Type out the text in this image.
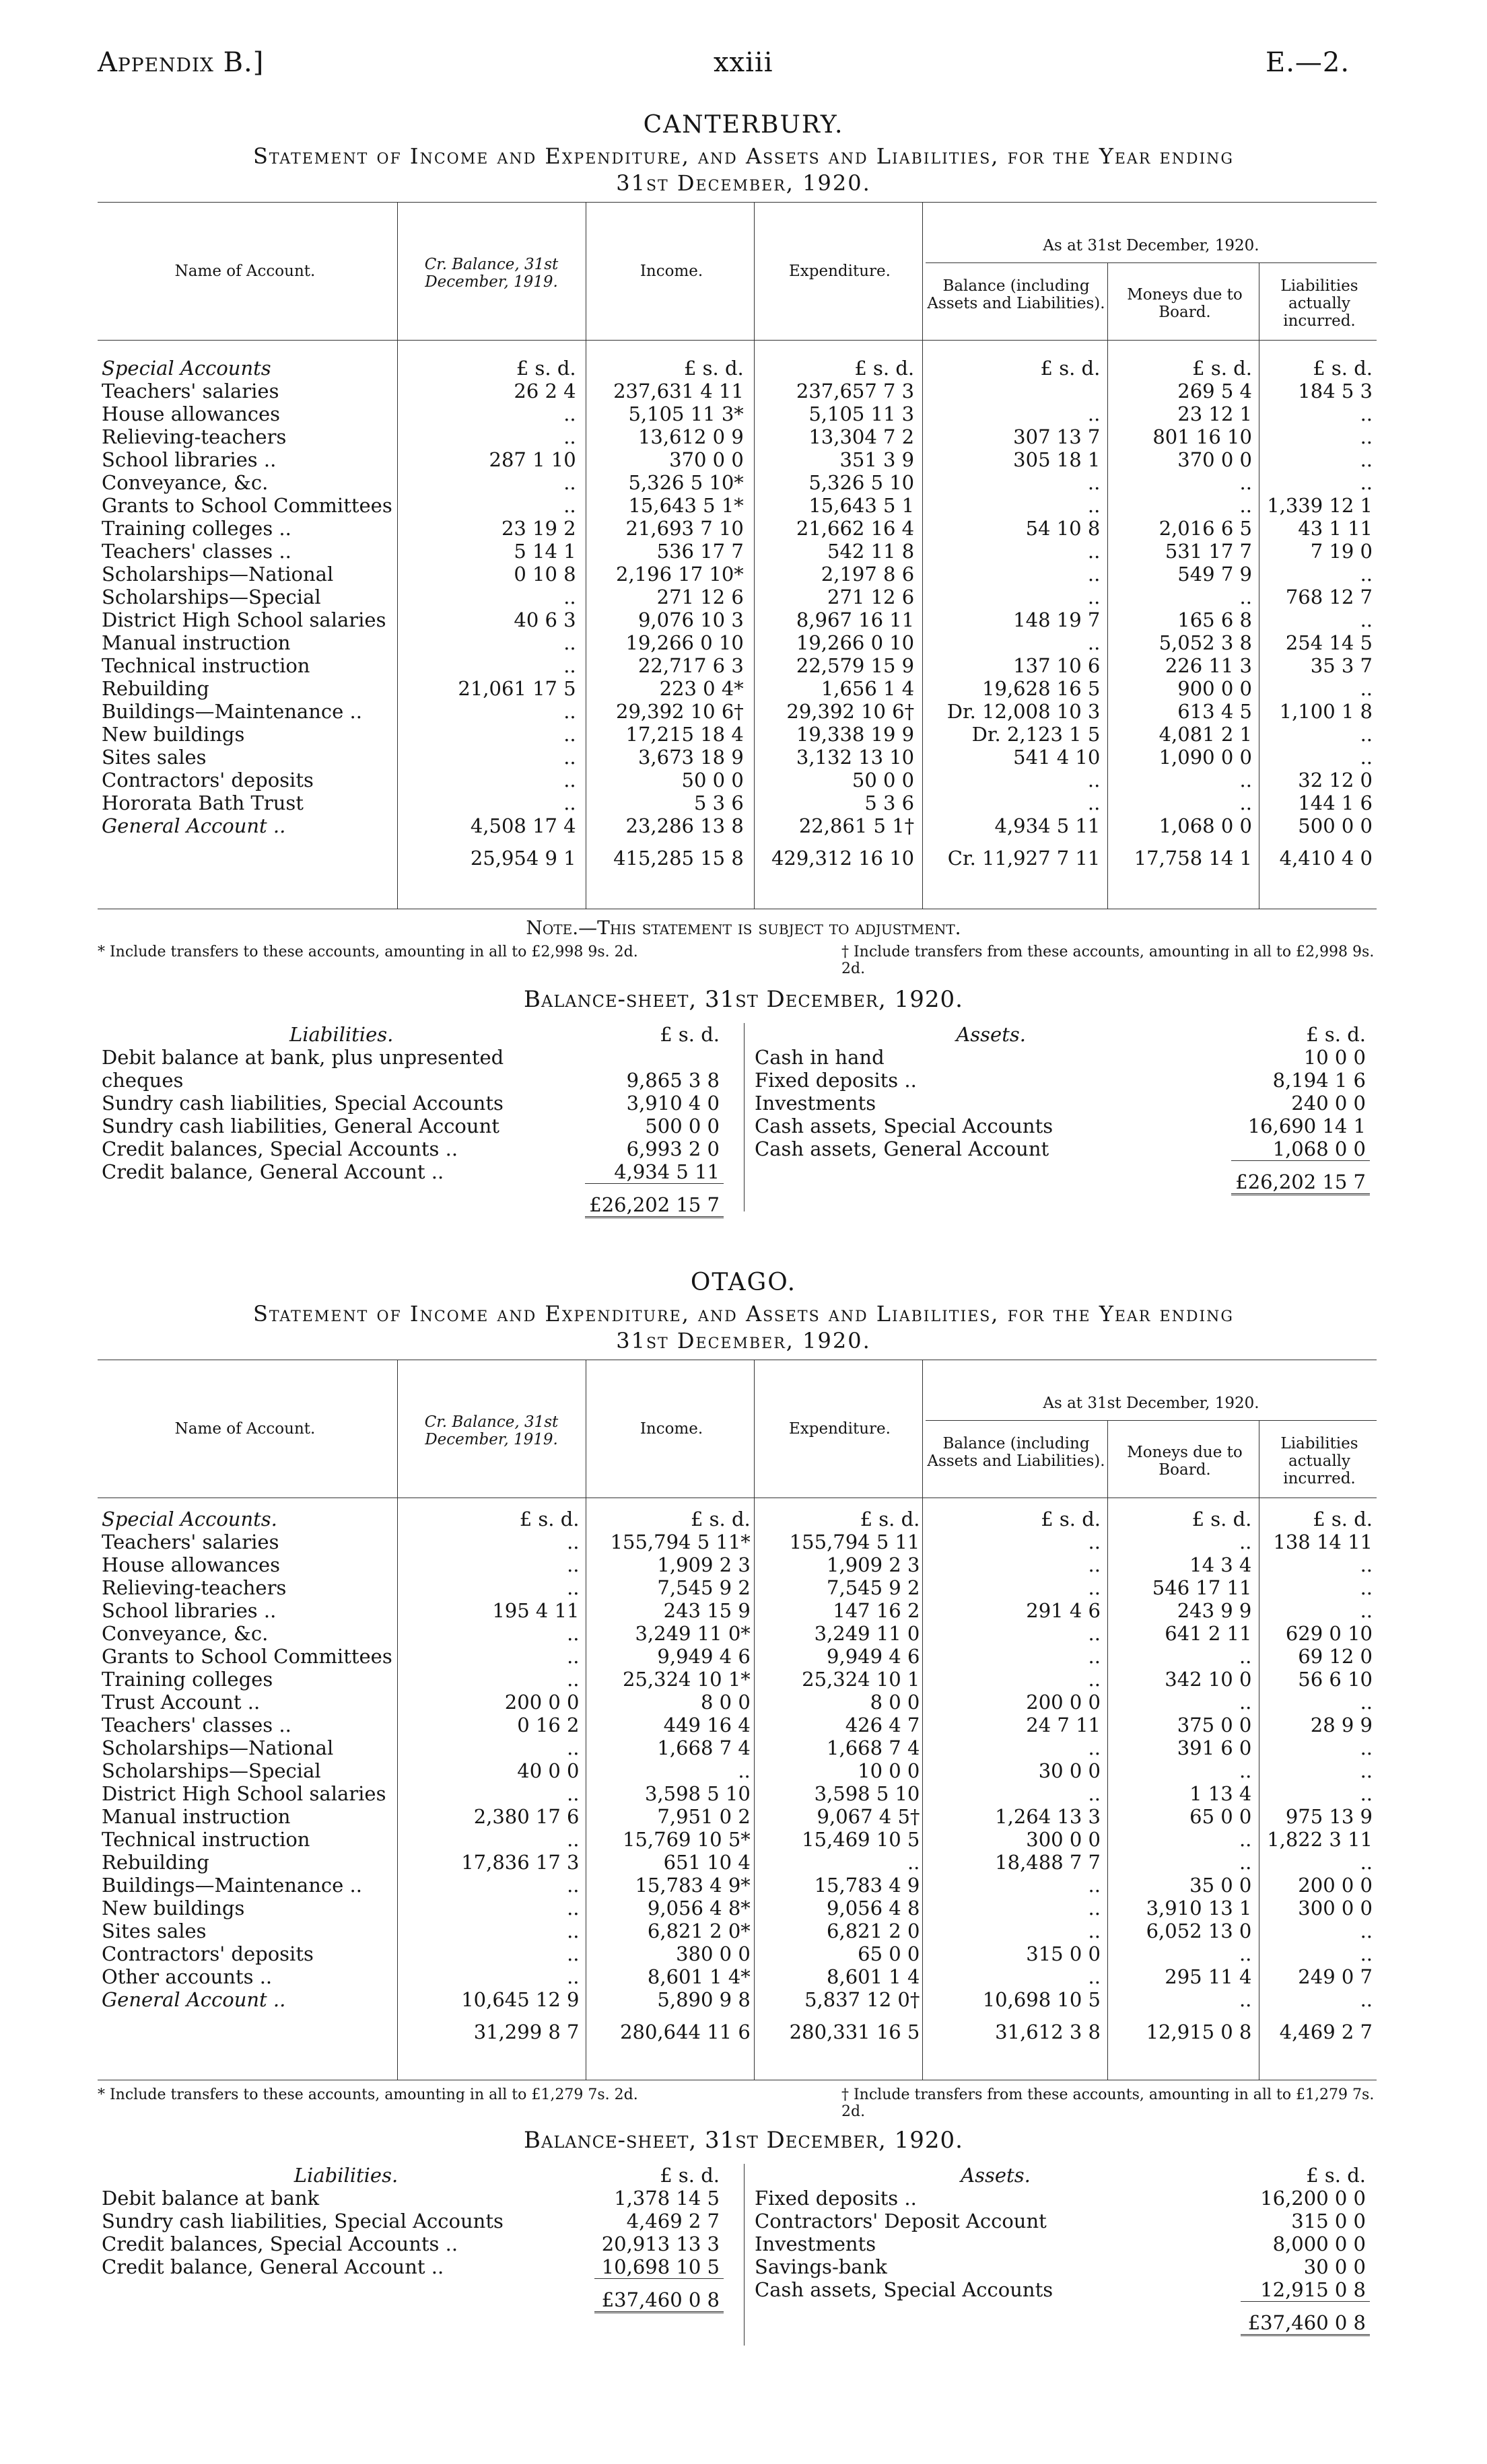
Appendix B.]	xxiii	E.—2.
CANTERBURY.
Statement of Income and Expenditure, and Assets and Liabilities, for the Year ending
31st December, 1920.
Name of Account.	Cr. Balance, 31st December, 1919.
Income.	Expenditure.
As at 31st December, 1920.
Balance (including Assets and Liabilities).	Moneys due to Board.
Liabilities actually incurred.
Special Accounts	£ s. d.	£ s. d.	£ s. d.	£ s. d.	£ s. d.	£ s. d.
Teachers' salaries	26 2 4	237,631 4 11	237,657 7 3		269 5 4	184 5 3
House allowances	..	5,105 11 3*	5,105 11 3	..	23 12 1	..
Relieving-teachers	..	13,612 0 9	13,304 7 2	307 13 7	801 16 10	..
School libraries ..	287 1 10	370 0 0	351 3 9	305 18 1	370 0 0	..
Conveyance, &c.	..	5,326 5 10*	5,326 5 10	..	..	..
Grants to School Committees	..	15,643 5 1*	15,643 5 1	..	..	1,339 12 1
Training colleges ..	23 19 2	21,693 7 10	21,662 16 4	54 10 8	2,016 6 5	43 1 11
Teachers' classes ..	5 14 1	536 17 7	542 11 8	..	531 17 7	7 19 0
Scholarships—National	0 10 8	2,196 17 10*	2,197 8 6	..	549 7 9	..
Scholarships—Special	..	271 12 6	271 12 6	..	..	768 12 7
District High School salaries	40 6 3	9,076 10 3	8,967 16 11	148 19 7	165 6 8	..
Manual instruction	..	19,266 0 10	19,266 0 10	..	5,052 3 8	254 14 5
Technical instruction	..	22,717 6 3	22,579 15 9	137 10 6	226 11 3	35 3 7
Rebuilding	21,061 17 5	223 0 4*	1,656 1 4	19,628 16 5	900 0 0	..
Buildings—Maintenance ..	..	29,392 10 6†	29,392 10 6†	Dr. 12,008 10 3	613 4 5	1,100 1 8
New buildings	..	17,215 18 4	19,338 19 9	Dr. 2,123 1 5	4,081 2 1	..
Sites sales	..	3,673 18 9	3,132 13 10	541 4 10	1,090 0 0	..
Contractors' deposits	..	50 0 0	50 0 0	..	..	32 12 0
Hororata Bath Trust	..	5 3 6	5 3 6	..	..	144 1 6
General Account ..	4,508 17 4	23,286 13 8	22,861 5 1†	4,934 5 11	1,068 0 0	500 0 0
	25,954 9 1	415,285 15 8	429,312 16 10	Cr. 11,927 7 11	17,758 14 1	4,410 4 0
Note.—This statement is subject to adjustment.
* Include transfers to these accounts, amounting in all to £2,998 9s. 2d.	† Include transfers from these accounts, amounting in all to £2,998 9s. 2d.
Balance-sheet, 31st December, 1920.
Liabilities.	£ s. d.
Debit balance at bank, plus unpresented cheques	9,865 3 8
Sundry cash liabilities, Special Accounts	3,910 4 0
Sundry cash liabilities, General Account	500 0 0
Credit balances, Special Accounts ..	6,993 2 0
Credit balance, General Account ..	4,934 5 11
	£26,202 15 7
Assets.	£ s. d.
Cash in hand	10 0 0
Fixed deposits ..	8,194 1 6
Investments	240 0 0
Cash assets, Special Accounts	16,690 14 1
Cash assets, General Account	1,068 0 0
	£26,202 15 7
OTAGO.
Statement of Income and Expenditure, and Assets and Liabilities, for the Year ending
31st December, 1920.
Name of Account.	Cr. Balance, 31st December, 1919.
Income.	Expenditure.
As at 31st December, 1920.
Balance (including Assets and Liabilities).	Moneys due to Board.
Liabilities actually incurred.
Special Accounts.	£ s. d.	£ s. d.	£ s. d.	£ s. d.	£ s. d.	£ s. d.
Teachers' salaries	..	155,794 5 11*	155,794 5 11	..	..	138 14 11
House allowances	..	1,909 2 3	1,909 2 3	..	14 3 4	..
Relieving-teachers	..	7,545 9 2	7,545 9 2	..	546 17 11	..
School libraries ..	195 4 11	243 15 9	147 16 2	291 4 6	243 9 9	..
Conveyance, &c.	..	3,249 11 0*	3,249 11 0	..	641 2 11	629 0 10
Grants to School Committees	..	9,949 4 6	9,949 4 6	..	..	69 12 0
Training colleges	..	25,324 10 1*	25,324 10 1	..	342 10 0	56 6 10
Trust Account ..	200 0 0	8 0 0	8 0 0	200 0 0	..	..
Teachers' classes ..	0 16 2	449 16 4	426 4 7	24 7 11	375 0 0	28 9 9
Scholarships—National	..	1,668 7 4	1,668 7 4	..	391 6 0	..
Scholarships—Special	40 0 0	..	10 0 0	30 0 0	..	..
District High School salaries	..	3,598 5 10	3,598 5 10	..	1 13 4	..
Manual instruction	2,380 17 6	7,951 0 2	9,067 4 5†	1,264 13 3	65 0 0	975 13 9
Technical instruction	..	15,769 10 5*	15,469 10 5	300 0 0	..	1,822 3 11
Rebuilding	17,836 17 3	651 10 4	..	18,488 7 7	..	..
Buildings—Maintenance ..	..	15,783 4 9*	15,783 4 9	..	35 0 0	200 0 0
New buildings	..	9,056 4 8*	9,056 4 8	..	3,910 13 1	300 0 0
Sites sales	..	6,821 2 0*	6,821 2 0	..	6,052 13 0	..
Contractors' deposits	..	380 0 0	65 0 0	315 0 0	..	..
Other accounts ..	..	8,601 1 4*	8,601 1 4	..	295 11 4	249 0 7
General Account ..	10,645 12 9	5,890 9 8	5,837 12 0†	10,698 10 5	..	..
	31,299 8 7	280,644 11 6	280,331 16 5	31,612 3 8	12,915 0 8	4,469 2 7
* Include transfers to these accounts, amounting in all to £1,279 7s. 2d.	† Include transfers from these accounts, amounting in all to £1,279 7s. 2d.
Balance-sheet, 31st December, 1920.
Liabilities.	£ s. d.
Debit balance at bank	1,378 14 5
Sundry cash liabilities, Special Accounts	4,469 2 7
Credit balances, Special Accounts ..	20,913 13 3
Credit balance, General Account ..	10,698 10 5
	£37,460 0 8
Assets.	£ s. d.
Fixed deposits ..	16,200 0 0
Contractors' Deposit Account	315 0 0
Investments	8,000 0 0
Savings-bank	30 0 0
Cash assets, Special Accounts	12,915 0 8
	£37,460 0 8
